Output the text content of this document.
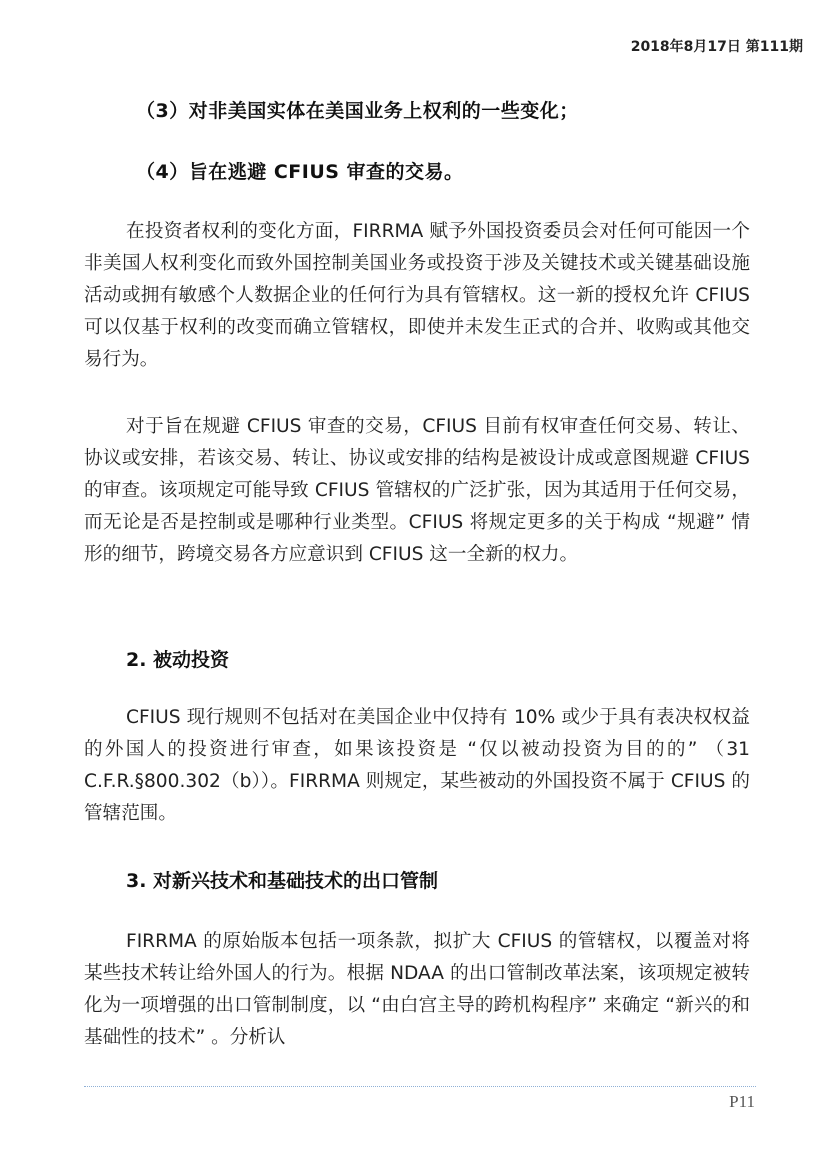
2018年8月17日 第111期
（3）对非美国实体在美国业务上权利的一些变化；
（4）旨在逃避 CFIUS 审查的交易。

在投资者权利的变化方面，FIRRMA 赋予外国投资委员会对任何可能因一个非美国人权利变化而致外国控制美国业务或投资于涉及关键技术或关键基础设施活动或拥有敏感个人数据企业的任何行为具有管辖权。这一新的授权允许 CFIUS 可以仅基于权利的改变而确立管辖权，即使并未发生正式的合并、收购或其他交易行为。

对于旨在规避 CFIUS 审查的交易，CFIUS 目前有权审查任何交易、转让、协议或安排，若该交易、转让、协议或安排的结构是被设计成或意图规避 CFIUS 的审查。该项规定可能导致 CFIUS 管辖权的广泛扩张，因为其适用于任何交易，而无论是否是控制或是哪种行业类型。CFIUS 将规定更多的关于构成 “规避” 情形的细节，跨境交易各方应意识到 CFIUS 这一全新的权力。

2. 被动投资

CFIUS 现行规则不包括对在美国企业中仅持有 10% 或少于具有表决权权益的外国人的投资进行审查，如果该投资是 “仅以被动投资为目的的” （31 C.F.R.§800.302（b））。FIRRMA 则规定，某些被动的外国投资不属于 CFIUS 的管辖范围。

3. 对新兴技术和基础技术的出口管制

FIRRMA 的原始版本包括一项条款，拟扩大 CFIUS 的管辖权，以覆盖对将某些技术转让给外国人的行为。根据 NDAA 的出口管制改革法案，该项规定被转化为一项增强的出口管制制度，以 “由白宫主导的跨机构程序” 来确定 “新兴的和基础性的技术” 。分析认

P11
